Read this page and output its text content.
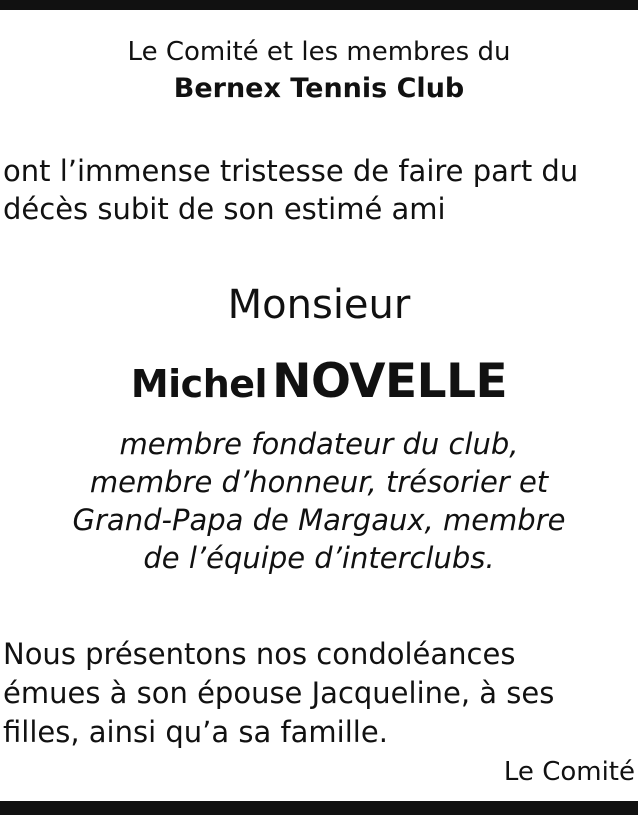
Le Comité et les membres du
Bernex Tennis Club
ont l’immense tristesse de faire part du
décès subit de son estimé ami
Monsieur
Michel NOVELLE
membre fondateur du club,
membre d’honneur, trésorier et
Grand-Papa de Margaux, membre
de l’équipe d’interclubs.
Nous présentons nos condoléances
émues à son épouse Jacqueline, à ses
filles, ainsi qu’a sa famille.
Le Comité
